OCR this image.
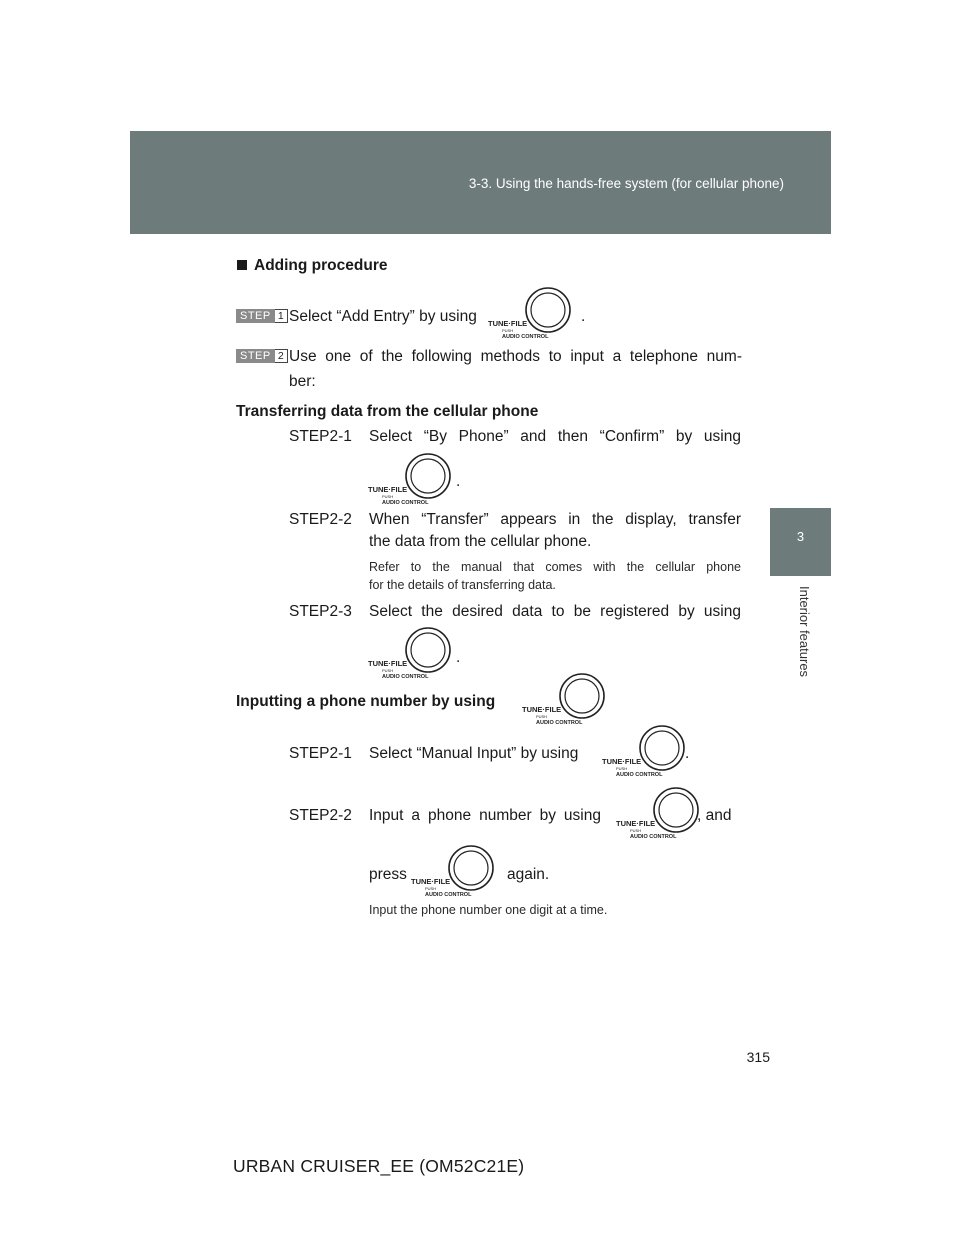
3-3. Using the hands-free system (for cellular phone)
3
Interior features
Adding procedure
STEP 1 Select “Add Entry” by using TUNE·FILE
PUSH
AUDIO CONTROL
.
STEP 2 Use one of the following methods to input a telephone num-
ber:
Transferring data from the cellular phone
STEP2-1 Select “By Phone” and then “Confirm” by using
TUNE·FILE
PUSH
AUDIO CONTROL
.
STEP2-2 When “Transfer” appears in the display, transfer
the data from the cellular phone.
Refer to the manual that comes with the cellular phone
for the details of transferring data.
STEP2-3 Select the desired data to be registered by using
TUNE·FILE
PUSH
AUDIO CONTROL
.
Inputting a phone number by using	TUNE·FILE
PUSH
AUDIO CONTROL
STEP2-1 Select “Manual Input” by using	TUNE·FILE
PUSH
AUDIO CONTROL
.
STEP2-2 Input a phone number by using TUNE·FILE
PUSH
AUDIO CONTROL
, and
press TUNE·FILE
PUSH
AUDIO CONTROL
again.
Input the phone number one digit at a time.
315
URBAN CRUISER_EE (OM52C21E)
